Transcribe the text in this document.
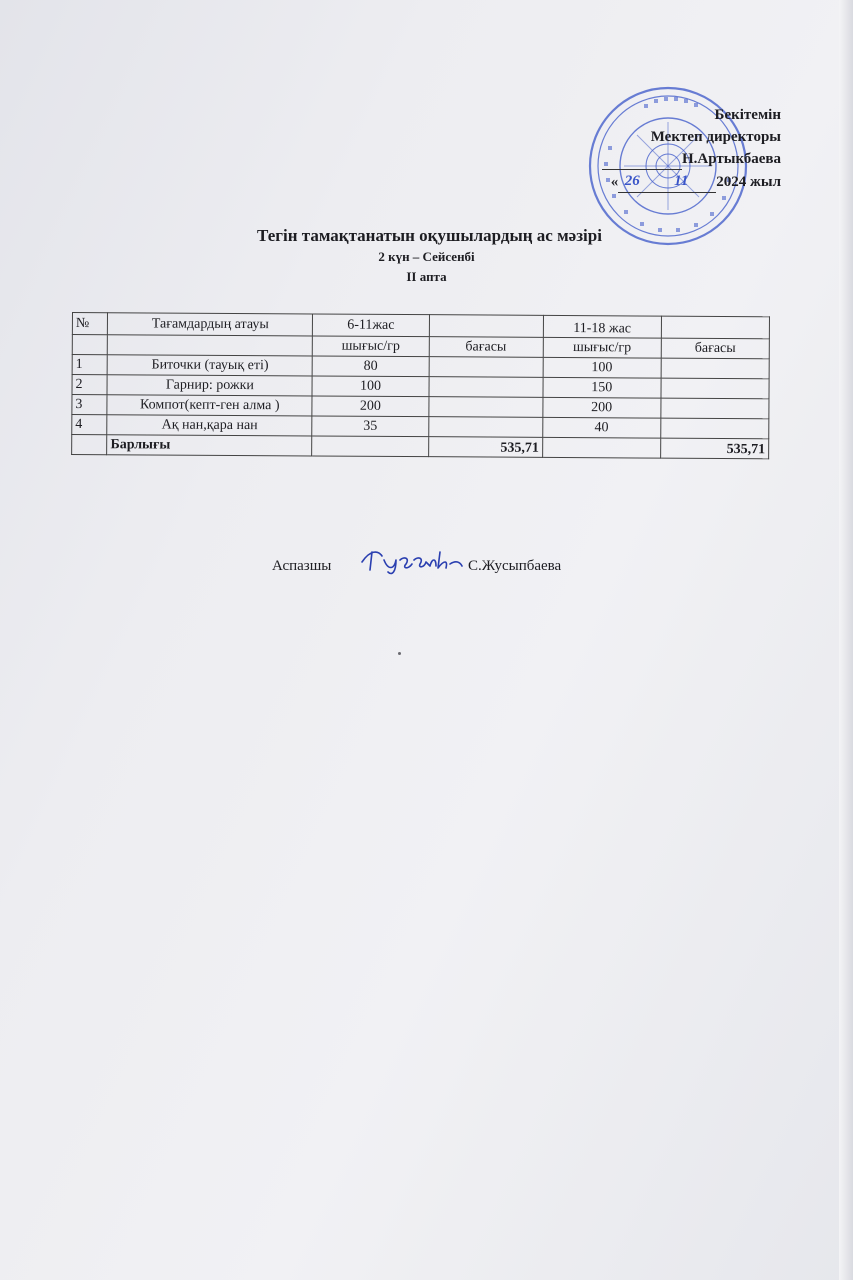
Бекітемін
Мектеп директоры
Н.Артыкбаева
« 26 11 2024 жыл
Тегін тамақтанатын оқушылардың ас мәзірі
2 күн – Сейсенбі
II апта
№	Тағамдардың атауы	6-11жас		11-18 жас	
		шығыс/гр	бағасы	шығыс/гр	бағасы
1	Биточки (тауық еті)	80		100	
2	Гарнир: рожки	100		150	
3	Компот(кепт-ген алма )	200		200	
4	Ақ нан,қара нан	35		40	
	Барлығы		535,71		535,71
Аспазшы	С.Жусыпбаева
